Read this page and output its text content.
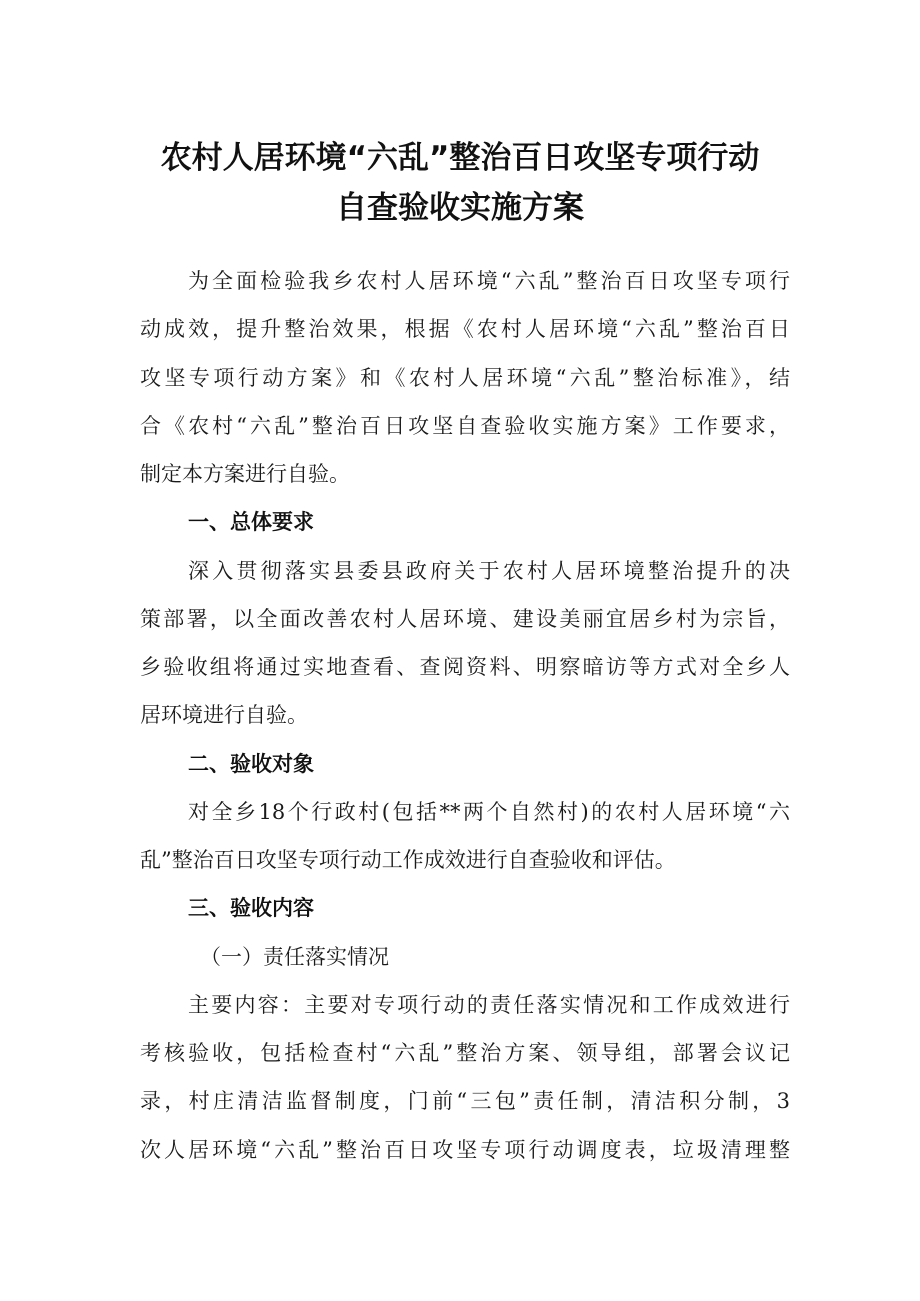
农村人居环境“六乱”整治百日攻坚专项行动
自查验收实施方案
为全面检验我乡农村人居环境“六乱”整治百日攻坚专项行
动成效，提升整治效果，根据《农村人居环境“六乱”整治百日
攻坚专项行动方案》和《农村人居环境“六乱”整治标准》，结
合《农村“六乱”整治百日攻坚自查验收实施方案》工作要求，
制定本方案进行自验。
一、总体要求
深入贯彻落实县委县政府关于农村人居环境整治提升的决
策部署，以全面改善农村人居环境、建设美丽宜居乡村为宗旨，
乡验收组将通过实地查看、查阅资料、明察暗访等方式对全乡人
居环境进行自验。
二、验收对象
对全乡18个行政村(包括**两个自然村)的农村人居环境“六
乱”整治百日攻坚专项行动工作成效进行自查验收和评估。
三、验收内容
（一）责任落实情况
主要内容：主要对专项行动的责任落实情况和工作成效进行
考核验收，包括检查村“六乱”整治方案、领导组，部署会议记
录，村庄清洁监督制度，门前“三包”责任制，清洁积分制，3
次人居环境“六乱”整治百日攻坚专项行动调度表，垃圾清理整
